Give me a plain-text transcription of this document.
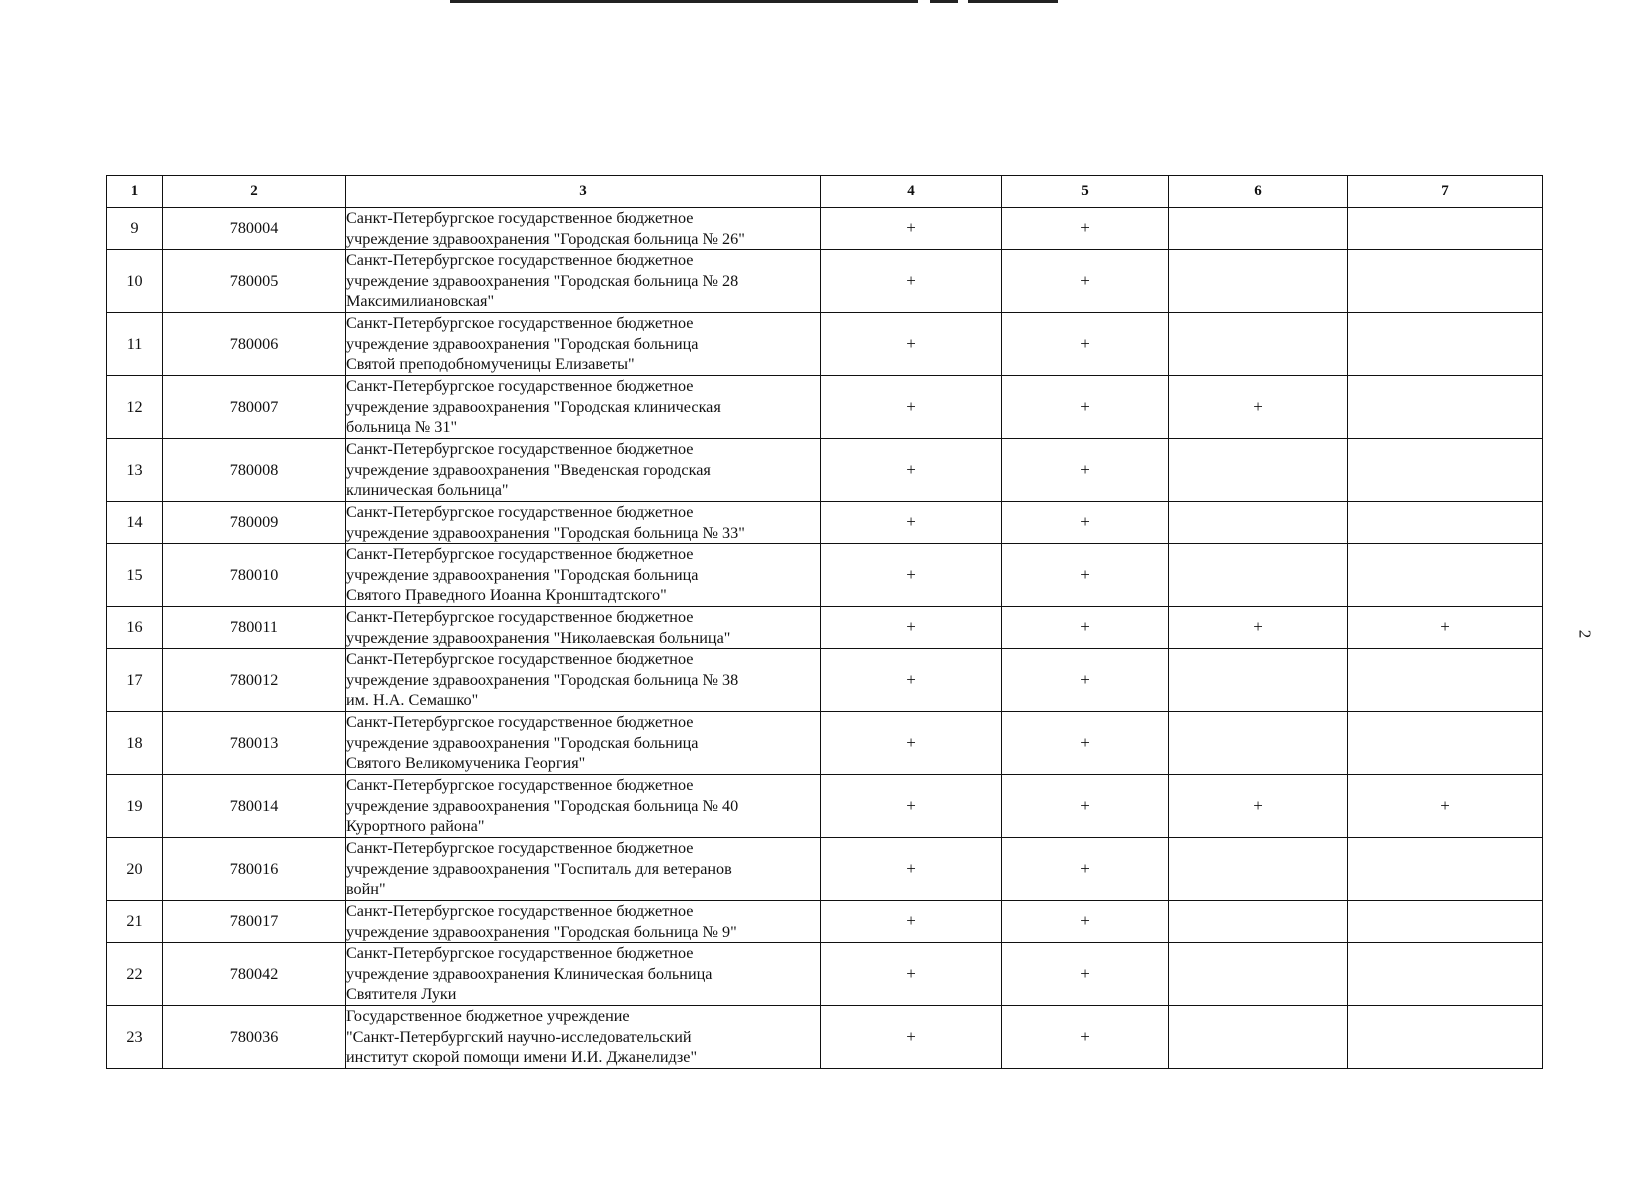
1	2	3	4	5	6	7
9	780004	Санкт-Петербургское государственное бюджетное
учреждение здравоохранения "Городская больница № 26"	+	+		
10	780005	Санкт-Петербургское государственное бюджетное
учреждение здравоохранения "Городская больница № 28
Максимилиановская"	+	+		
11	780006	Санкт-Петербургское государственное бюджетное
учреждение здравоохранения "Городская больница
Святой преподобномученицы Елизаветы"	+	+		
12	780007	Санкт-Петербургское государственное бюджетное
учреждение здравоохранения "Городская клиническая
больница № 31"	+	+	+	
13	780008	Санкт-Петербургское государственное бюджетное
учреждение здравоохранения "Введенская городская
клиническая больница"	+	+		
14	780009	Санкт-Петербургское государственное бюджетное
учреждение здравоохранения "Городская больница № 33"	+	+		
15	780010	Санкт-Петербургское государственное бюджетное
учреждение здравоохранения "Городская больница
Святого Праведного Иоанна Кронштадтского"	+	+		
16	780011	Санкт-Петербургское государственное бюджетное
учреждение здравоохранения "Николаевская больница"	+	+	+	+
17	780012	Санкт-Петербургское государственное бюджетное
учреждение здравоохранения "Городская больница № 38
им. Н.А. Семашко"	+	+		
18	780013	Санкт-Петербургское государственное бюджетное
учреждение здравоохранения "Городская больница
Святого Великомученика Георгия"	+	+		
19	780014	Санкт-Петербургское государственное бюджетное
учреждение здравоохранения "Городская больница № 40
Курортного района"	+	+	+	+
20	780016	Санкт-Петербургское государственное бюджетное
учреждение здравоохранения "Госпиталь для ветеранов
войн"	+	+		
21	780017	Санкт-Петербургское государственное бюджетное
учреждение здравоохранения "Городская больница № 9"	+	+		
22	780042	Санкт-Петербургское государственное бюджетное
учреждение здравоохранения Клиническая больница
Святителя Луки	+	+		
23	780036	Государственное бюджетное учреждение
"Санкт-Петербургский научно-исследовательский
институт скорой помощи имени И.И. Джанелидзе"	+	+		
2
